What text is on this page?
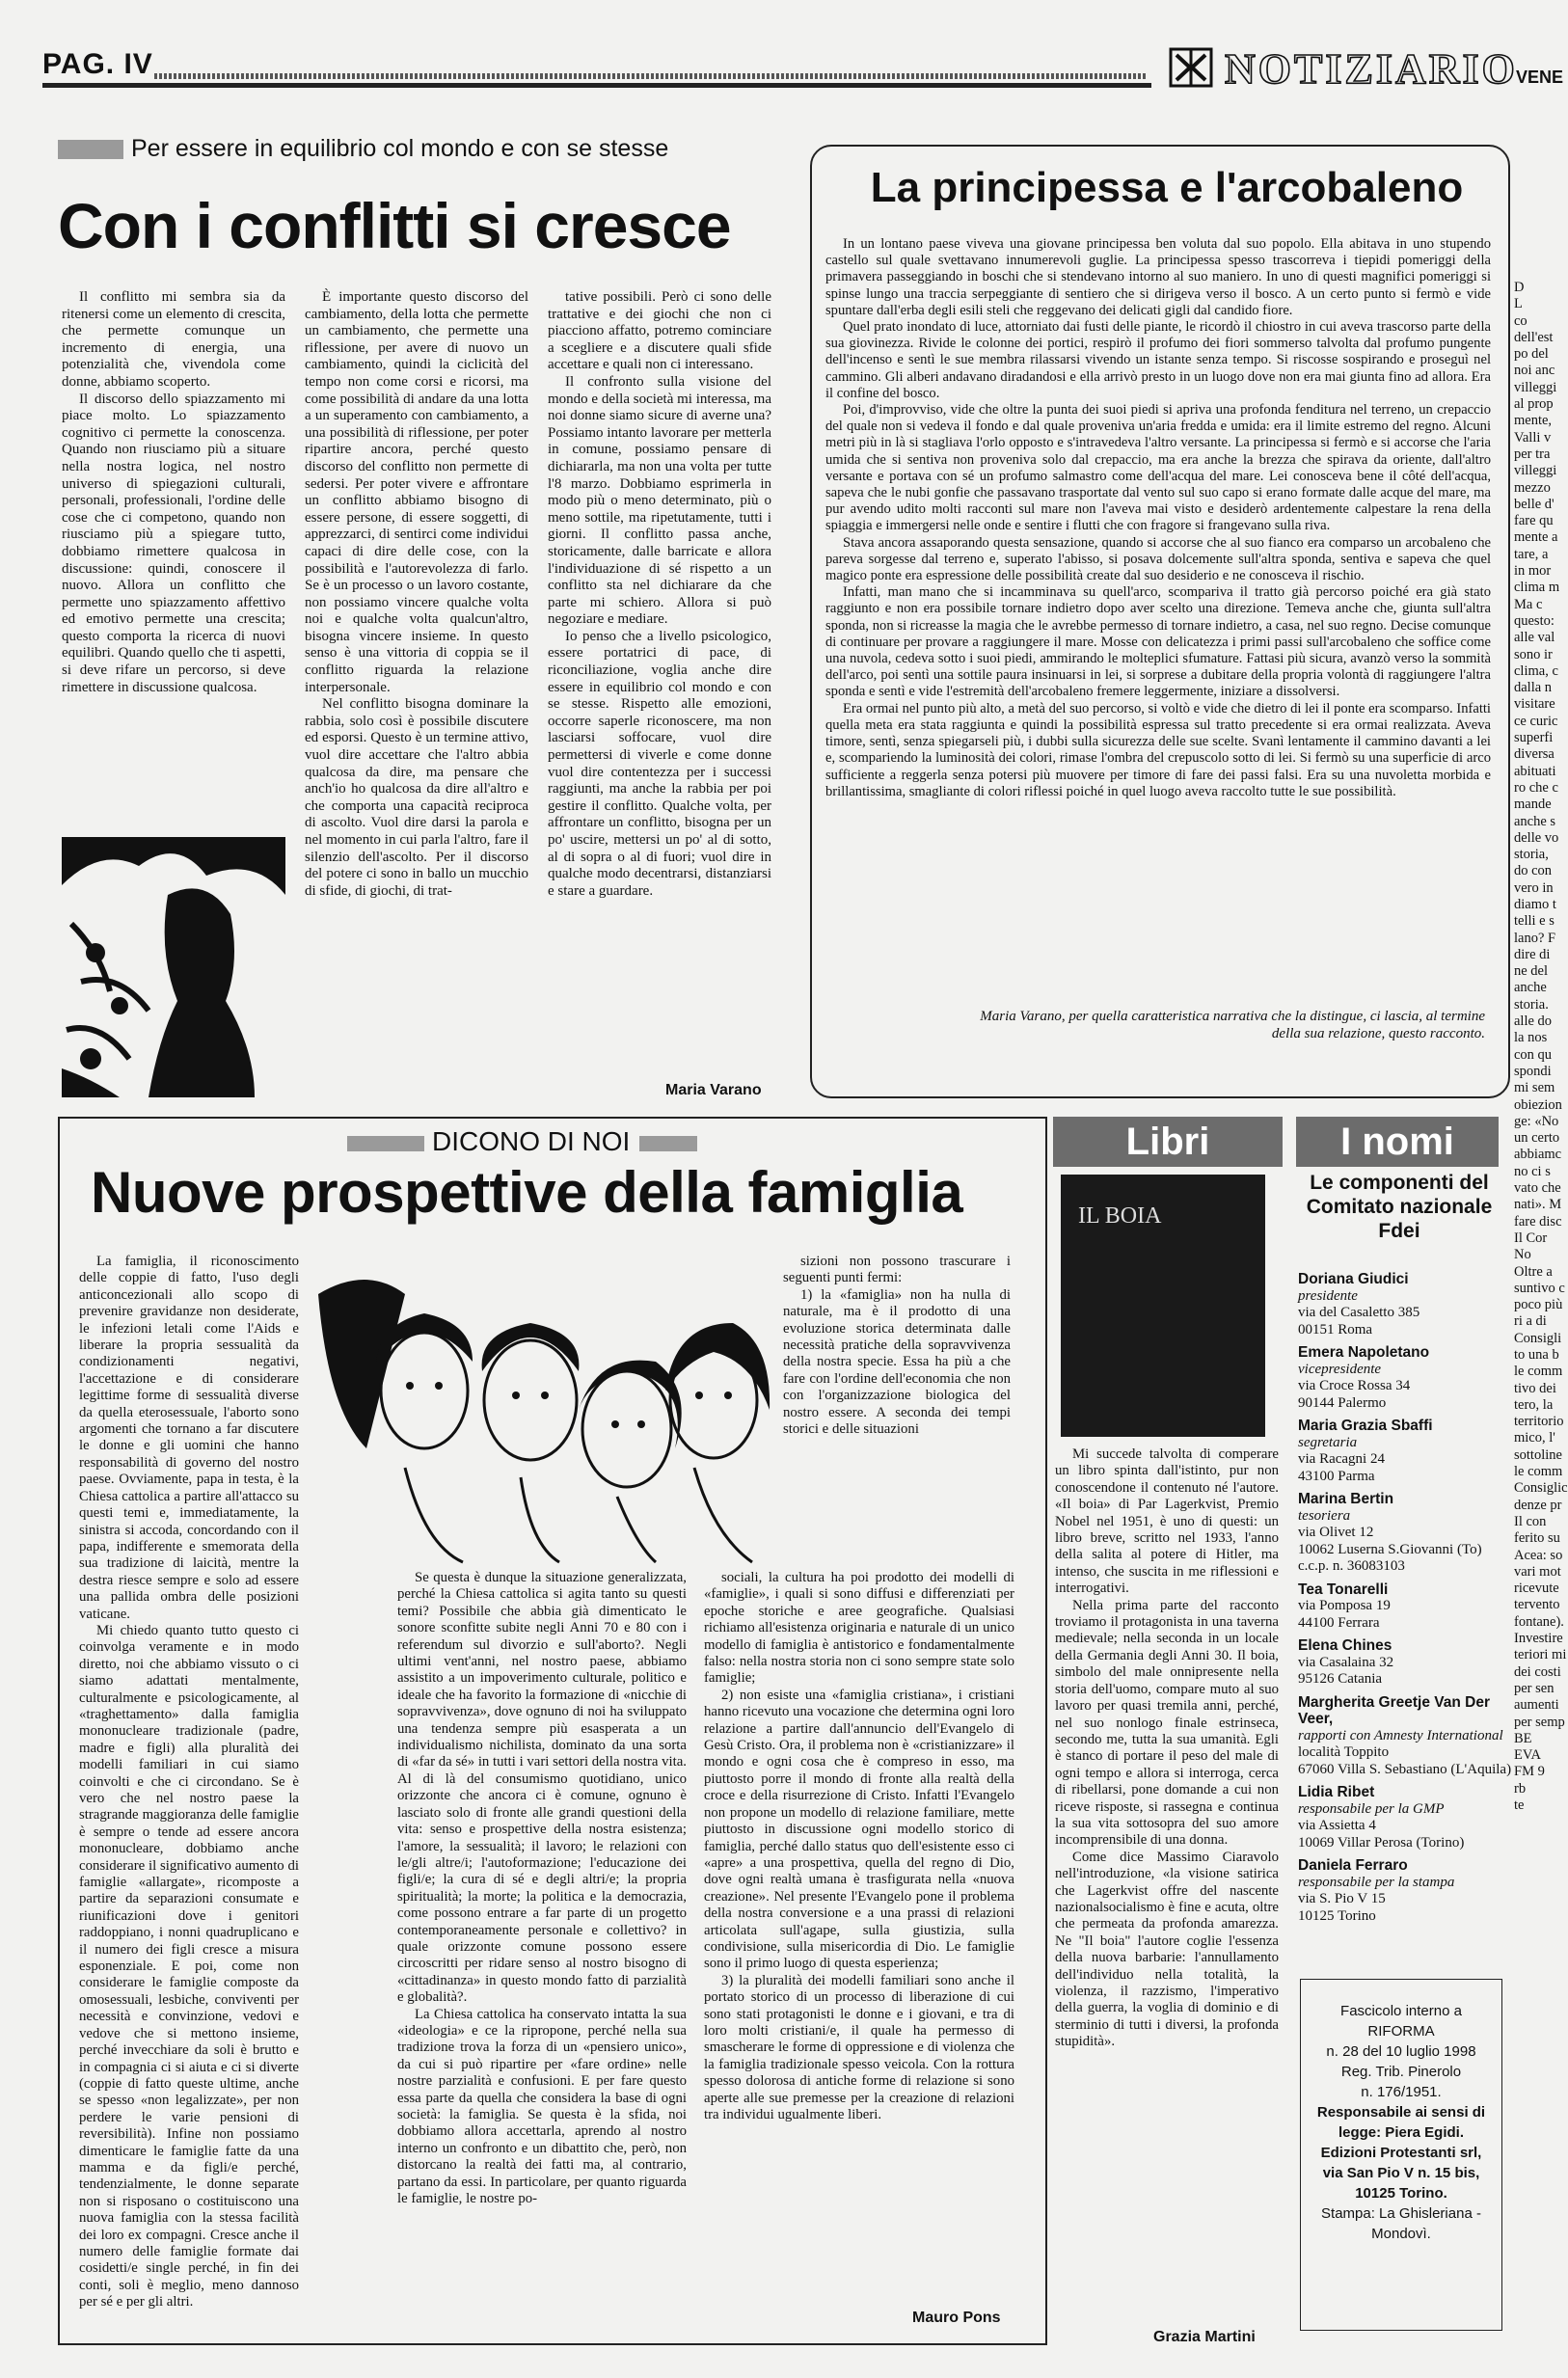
PAG. IV	NOTIZIARIO
VENE
Per essere in equilibrio col mondo e con se stesse
Con i conflitti si cresce

Il conflitto mi sembra sia da ritenersi come un elemento di crescita, che permette comunque un incremento di energia, una potenzialità che, vivendola come donne, abbiamo scoperto.

Il discorso dello spiazzamento mi piace molto. Lo spiazzamento cognitivo ci permette la conoscenza. Quando non riusciamo più a situare nella nostra logica, nel nostro universo di spiegazioni culturali, personali, professionali, l'ordine delle cose che ci competono, quando non riusciamo più a spiegare tutto, dobbiamo rimettere qualcosa in discussione: quindi, conoscere il nuovo. Allora un conflitto che permette uno spiazzamento affettivo ed emotivo permette una crescita; questo comporta la ricerca di nuovi equilibri. Quando quello che ti aspetti, si deve rifare un percorso, si deve rimettere in discussione qualcosa.

È importante questo discorso del cambiamento, della lotta che permette un cambiamento, che permette una riflessione, per avere di nuovo un cambiamento, quindi la ciclicità del tempo non come corsi e ricorsi, ma come possibilità di andare da una lotta a un superamento con cambiamento, a una possibilità di riflessione, per poter ripartire ancora, perché questo discorso del conflitto non permette di sedersi. Per poter vivere e affrontare un conflitto abbiamo bisogno di essere persone, di essere soggetti, di apprezzarci, di sentirci come individui capaci di dire delle cose, con la possibilità e l'autorevolezza di farlo. Se è un processo o un lavoro costante, non possiamo vincere qualche volta noi e qualche volta qualcun'altro, bisogna vincere insieme. In questo senso è una vittoria di coppia se il conflitto riguarda la relazione interpersonale.

Nel conflitto bisogna dominare la rabbia, solo così è possibile discutere ed esporsi. Questo è un termine attivo, vuol dire accettare che l'altro abbia qualcosa da dire, ma pensare che anch'io ho qualcosa da dire all'altro e che comporta una capacità reciproca di ascolto. Vuol dire darsi la parola e nel momento in cui parla l'altro, fare il silenzio dell'ascolto. Per il discorso del potere ci sono in ballo un mucchio di sfide, di giochi, di trat-

tative possibili. Però ci sono delle trattative e dei giochi che non ci piacciono affatto, potremo cominciare a sceglierе e a discutere quali sfide accettare e quali non ci interessano.

Il confronto sulla visione del mondo e della società mi interessa, ma noi donne siamo sicure di averne una? Possiamo intanto lavorare per metterla in comune, possiamo pensare di dichiararla, ma non una volta per tutte l'8 marzo. Dobbiamo esprimerla in modo più o meno determinato, più o meno sottile, ma ripetutamente, tutti i giorni. Il conflitto passa anche, storicamente, dalle barricate e allora l'individuazione di sé rispetto a un conflitto sta nel dichiarare da che parte mi schiero. Allora si può negoziare e mediare.

Io penso che a livello psicologico, essere portatrici di pace, di riconciliazione, voglia anche dire essere in equilibrio col mondo e con se stesse. Rispetto alle emozioni, occorre saperle riconoscere, ma non lasciarsi soffocare, vuol dire permettersi di viverle e come donne vuol dire contentezza per i successi raggiunti, ma anche la rabbia per poi gestire il conflitto. Qualche volta, per affrontare un conflitto, bisogna per un po' uscire, mettersi un po' al di sotto, al di sopra o al di fuori; vuol dire in qualche modo decentrarsi, distanziarsi e stare a guardare.

Maria Varano
La principessa e l'arcobaleno

In un lontano paese viveva una giovane principessa ben voluta dal suo popolo. Ella abitava in uno stupendo castello sul quale svettavano innumerevoli guglie. La principessa spesso trascorreva i tiepidi pomeriggi della primavera passeggiando in boschi che si stendevano intorno al suo maniero. In uno di questi magnifici pomeriggi si spinse lungo una traccia serpeggiante di sentiero che si dirigeva verso il bosco. A un certo punto si fermò e vide spuntare dall'erba degli esili steli che reggevano dei delicati gigli dal candido fiore.

Quel prato inondato di luce, attorniato dai fusti delle piante, le ricordò il chiostro in cui aveva trascorso parte della sua giovinezza. Rivide le colonne dei portici, respirò il profumo dei fiori sommerso talvolta dal profumo pungente dell'incenso e sentì le sue membra rilassarsi vivendo un istante senza tempo. Si riscosse sospirando e proseguì nel cammino. Gli alberi andavano diradandosi e ella arrivò presto in un luogo dove non era mai giunta fino ad allora. Era il confine del bosco.

Poi, d'improvviso, vide che oltre la punta dei suoi piedi si apriva una profonda fenditura nel terreno, un crepaccio del quale non si vedeva il fondo e dal quale proveniva un'aria fredda e umida: era il limite estremo del regno. Alcuni metri più in là si stagliava l'orlo opposto e s'intravedeva l'altro versante. La principessa si fermò e si accorse che l'aria umida che si sentiva non proveniva solo dal crepaccio, ma era anche la brezza che spirava da oriente, dall'altro versante e portava con sé un profumo salmastro come dell'acqua del mare. Lei conosceva bene il côté dell'acqua, sapeva che le nubi gonfie che passavano trasportate dal vento sul suo capo si erano formate dalle acque del mare, ma pur avendo udito molti racconti sul mare non l'aveva mai visto e desiderò ardentemente calpestare la rena della spiaggia e immergersi nelle onde e sentire i flutti che con fragore si frangevano sulla riva.

Stava ancora assaporando questa sensazione, quando si accorse che al suo fianco era comparso un arcobaleno che pareva sorgesse dal terreno e, superato l'abisso, si posava dolcemente sull'altra sponda, sentiva e sapeva che quel magico ponte era espressione delle possibilità create dal suo desiderio e ne conosceva il rischio.

Infatti, man mano che si incamminava su quell'arco, scompariva il tratto già percorso poiché era già stato raggiunto e non era possibile tornare indietro dopo aver scelto una direzione. Temeva anche che, giunta sull'altra sponda, non si ricreasse la magia che le avrebbe permesso di tornare indietro, a casa, nel suo regno. Decise comunque di continuare per provare a raggiungere il mare. Mosse con delicatezza i primi passi sull'arcobaleno che soffice come una nuvola, cedeva sotto i suoi piedi, ammirando le molteplici sfumature. Fattasi più sicura, avanzò verso la sommità dell'arco, poi sentì una sottile paura insinuarsi in lei, si sorprese a dubitare della propria volontà di raggiungere l'altra sponda e sentì e vide l'estremità dell'arcobaleno fremere leggermente, iniziare a dissolversi.

Era ormai nel punto più alto, a metà del suo percorso, si voltò e vide che dietro di lei il ponte era scomparso. Infatti quella meta era stata raggiunta e quindi la possibilità espressa sul tratto precedente si era ormai realizzata. Aveva timore, sentì, senza spiegarseli più, i dubbi sulla sicurezza delle sue scelte. Svanì lentamente il cammino davanti a lei e, scompariendo la luminosità dei colori, rimase l'ombra del crepuscolo sotto di lei. Si fermò su una superficie di arco sufficiente a reggerla senza potersi più muovere per timore di fare dei passi falsi. Era su una nuvoletta morbida e brillantissima, smagliante di colori riflessi poiché in quel luogo aveva raccolto tutte le sue possibilità.

Maria Varano, per quella caratteristica narrativa che la distingue, ci lascia, al termine della sua relazione, questo racconto.
DICONO DI NOI
Nuove prospettive della famiglia

La famiglia, il riconoscimento delle coppie di fatto, l'uso degli anticoncezionali allo scopo di prevenire gravidanze non desiderate, le infezioni letali come l'Aids e liberare la propria sessualità da condizionamenti negativi, l'accettazione e di considerare legittime forme di sessualità diverse da quella eterosessuale, l'aborto sono argomenti che tornano a far discutere le donne e gli uomini che hanno responsabilità di governo del nostro paese. Ovviamente, papa in testa, è la Chiesa cattolica a partire all'attacco su questi temi e, immediatamente, la sinistra si accoda, concordando con il papa, indifferente e smemorata della sua tradizione di laicità, mentre la destra riesce sempre e solo ad essere una pallida ombra delle posizioni vaticane.

Mi chiedo quanto tutto questo ci coinvolga veramente e in modo diretto, noi che abbiamo vissuto o ci siamo adattati mentalmente, culturalmente e psicologicamente, al «traghettamento» dalla famiglia mononucleare tradizionale (padre, madre e figli) alla pluralità dei modelli familiari in cui siamo coinvolti e che ci circondano. Se è vero che nel nostro paese la stragrande maggioranza delle famiglie è sempre o tende ad essere ancora mononucleare, dobbiamo anche considerare il significativo aumento di famiglie «allargate», ricomposte a partire da separazioni consumate e riunificazioni dove i genitori raddoppiano, i nonni quadruplicano e il numero dei figli cresce a misura esponenziale. E poi, come non considerare le famiglie composte da omosessuali, lesbiche, conviventi per necessità e convinzione, vedovi e vedove che si mettono insieme, perché invecchiare da soli è brutto e in compagnia ci si aiuta e ci si diverte (coppie di fatto queste ultime, anche se spesso «non legalizzate», per non perdere le varie pensioni di reversibilità). Infine non possiamo dimenticare le famiglie fatte da una mamma e da figli/e perché, tendenzialmente, le donne separate non si risposano o costituiscono una nuova famiglia con la stessa facilità dei loro ex compagni. Cresce anche il numero delle famiglie formate dai cosidetti/e single perché, in fin dei conti, soli è meglio, meno dannoso per sé e per gli altri.

sizioni non possono trascurare i seguenti punti fermi:

1) la «famiglia» non ha nulla di naturale, ma è il prodotto di una evoluzione storica determinata dalle necessità pratiche della sopravvivenza della nostra specie. Essa ha più a che fare con l'ordine dell'economia che non con l'organizzazione biologica del nostro essere. A seconda dei tempi storici e delle situazioni

Se questa è dunque la situazione generalizzata, perché la Chiesa cattolica si agita tanto su questi temi? Possibile che abbia già dimenticato le sonore sconfitte subite negli Anni 70 e 80 con i referendum sul divorzio e sull'aborto?. Negli ultimi vent'anni, nel nostro paese, abbiamo assistito a un impoverimento culturale, politico e ideale che ha favorito la formazione di «nicchie di sopravvivenza», dove ognuno di noi ha sviluppato una tendenza sempre più esasperata a un individualismo nichilista, dominato da una sorta di «far da sé» in tutti i vari settori della nostra vita. Al di là del consumismo quotidiano, unico orizzonte che ancora ci è comune, ognuno è lasciato solo di fronte alle grandi questioni della vita: senso e prospettive della nostra esistenza; l'amore, la sessualità; il lavoro; le relazioni con le/gli altre/i; l'autoformazione; l'educazione dei figli/e; la cura di sé e degli altri/e; la propria spiritualità; la morte; la politica e la democrazia, come possono entrare a far parte di un progetto contemporaneamente personale e collettivo? in quale orizzonte comune possono essere circoscritti per ridare senso al nostro bisogno di «cittadinanza» in questo mondo fatto di parzialità e globalità?.

La Chiesa cattolica ha conservato intatta la sua «ideologia» e ce la ripropone, perché nella sua tradizione trova la forza di un «pensiero unico», da cui si può ripartire per «fare ordine» nelle nostre parzialità e confusioni. E per fare questo essa parte da quella che considera la base di ogni società: la famiglia. Se questa è la sfida, noi dobbiamo allora accettarla, aprendo al nostro interno un confronto e un dibattito che, però, non distorcano la realtà dei fatti ma, al contrario, partano da essi. In particolare, per quanto riguarda le famiglie, le nostre po-

sociali, la cultura ha poi prodotto dei modelli di «famiglie», i quali si sono diffusi e differenziati per epoche storiche e aree geografiche. Qualsiasi richiamo all'esistenza originaria e naturale di un unico modello di famiglia è antistorico e fondamentalmente falso: nella nostra storia non ci sono sempre state solo famiglie;

2) non esiste una «famiglia cristiana», i cristiani hanno ricevuto una vocazione che determina ogni loro relazione a partire dall'annuncio dell'Evangelo di Gesù Cristo. Ora, il problema non è «cristianizzare» il mondo e ogni cosa che è compreso in esso, ma piuttosto porre il mondo di fronte alla realtà della croce e della risurrezione di Cristo. Infatti l'Evangelo non propone un modello di relazione familiare, mette piuttosto in discussione ogni modello storico di famiglia, perché dallo status quo dell'esistente esso ci «apre» a una prospettiva, quella del regno di Dio, dove ogni realtà umana è trasfigurata nella «nuova creazione». Nel presente l'Evangelo pone il problema della nostra conversione e a una prassi di relazioni articolata sull'agape, sulla giustizia, sulla condivisione, sulla misericordia di Dio. Le famiglie sono il primo luogo di questa esperienza;

3) la pluralità dei modelli familiari sono anche il portato storico di un processo di liberazione di cui sono stati protagonisti le donne e i giovani, e tra di loro molti cristiani/e, il quale ha permesso di smascherare le forme di oppressione e di violenza che la famiglia tradizionale spesso veicola. Con la rottura spesso dolorosa di antiche forme di relazione si sono aperte alle sue premesse per la creazione di relazioni tra individui ugualmente liberi.

Mauro Pons
Libri
IL BOIA

Mi succede talvolta di comperare un libro spinta dall'istinto, pur non conoscendone il contenuto né l'autore. «Il boia» di Par Lagerkvist, Premio Nobel nel 1951, è uno di questi: un libro breve, scritto nel 1933, l'anno della salita al potere di Hitler, ma intenso, che suscita in me riflessioni e interrogativi.

Nella prima parte del racconto troviamo il protagonista in una taverna medievale; nella seconda in un locale della Germania degli Anni 30. Il boia, simbolo del male onnipresente nella storia dell'uomo, comparе muto al suo lavoro per quasi tremila anni, perché, nel suo nonlogo finale estrinseca, secondo me, tutta la sua umanità. Egli è stanco di portare il peso del male di ogni tempo e allora si interroga, cerca di ribellarsi, pone domande a cui non riceve risposte, si rassegna e continua la sua vita sottosopra del suo amore incomprensibile di una donna.

Come dice Massimo Ciaravolo nell'introduzione, «la visione satirica che Lagerkvist offre del nascente nazionalsocialismo è fine e acuta, oltre che permeata da profonda amarezza. Ne "Il boia" l'autore coglie l'essenza della nuova barbarie: l'annullamento dell'individuo nella totalità, la violenza, il razzismo, l'imperativo della guerra, la voglia di dominio e di sterminio di tutti i diversi, la profonda stupidità».

Grazia Martini
I nomi
Le componenti del Comitato nazionale Fdei
Doriana Giudici
presidente
via del Casaletto 385
00151 Roma
Emera Napoletano
vicepresidente
via Croce Rossa 34
90144 Palermo
Maria Grazia Sbaffi
segretaria
via Racagni 24
43100 Parma
Marina Bertin
tesoriera
via Olivet 12
10062 Luserna S.Giovanni (To)
c.c.p. n. 36083103
Tea Tonarelli
via Pomposa 19
44100 Ferrara
Elena Chines
via Casalaina 32
95126 Catania
Margherita Greetje Van Der Veer,
rapporti con Amnesty International
località Toppito
67060 Villa S. Sebastiano (L'Aquila)
Lidia Ribet
responsabile per la GMP
via Assietta 4
10069 Villar Perosa (Torino)
Daniela Ferraro
responsabile per la stampa
via S. Pio V 15
10125 Torino
Fascicolo interno a
RIFORMA
n. 28 del 10 luglio 1998
Reg. Trib. Pinerolo
n. 176/1951.
Responsabile ai sensi di
legge: Piera Egidi.
Edizioni Protestanti srl,
via San Pio V n. 15 bis,
10125 Torino.
Stampa: La Ghisleriana -
Mondovì.
D
L
co
dell'est
po del
noi anc
villeggi
al prop
mente,
Valli v
per tra
villeggi
mezzo
belle d'
fare qu
mente a
tare, a
in mor
clima m
Ma c
questo:
alle val
sono ir
clima, c
dalla n
visitare
ce curic
superfi
diversa
abituati
ro che c
mande
anche s
delle vo
storia,
do con
vero in
diamo t
telli e s
lano? F
dire di
ne del
anche
storia.
alle do
la nos
con qu
spondi
mi sem
obiezion
ge: «No
un certo
abbiamc
no ci s
vato che
nati». M
fare disc
Il Cor
No
Oltre a
suntivo c
poco più
ri a di
Consigli
to una b
le comm
tivo dei
tero, la
territorio
mico, l'
sottoline
le comm
Consiglic
denze pr
Il con
ferito su
Acea: so
vari mot
ricevute
tervento
fontane).
Investire
teriori mi
dei costi
per sen
aumenti
per semp
BE
EVA
FM 9
rb
te
